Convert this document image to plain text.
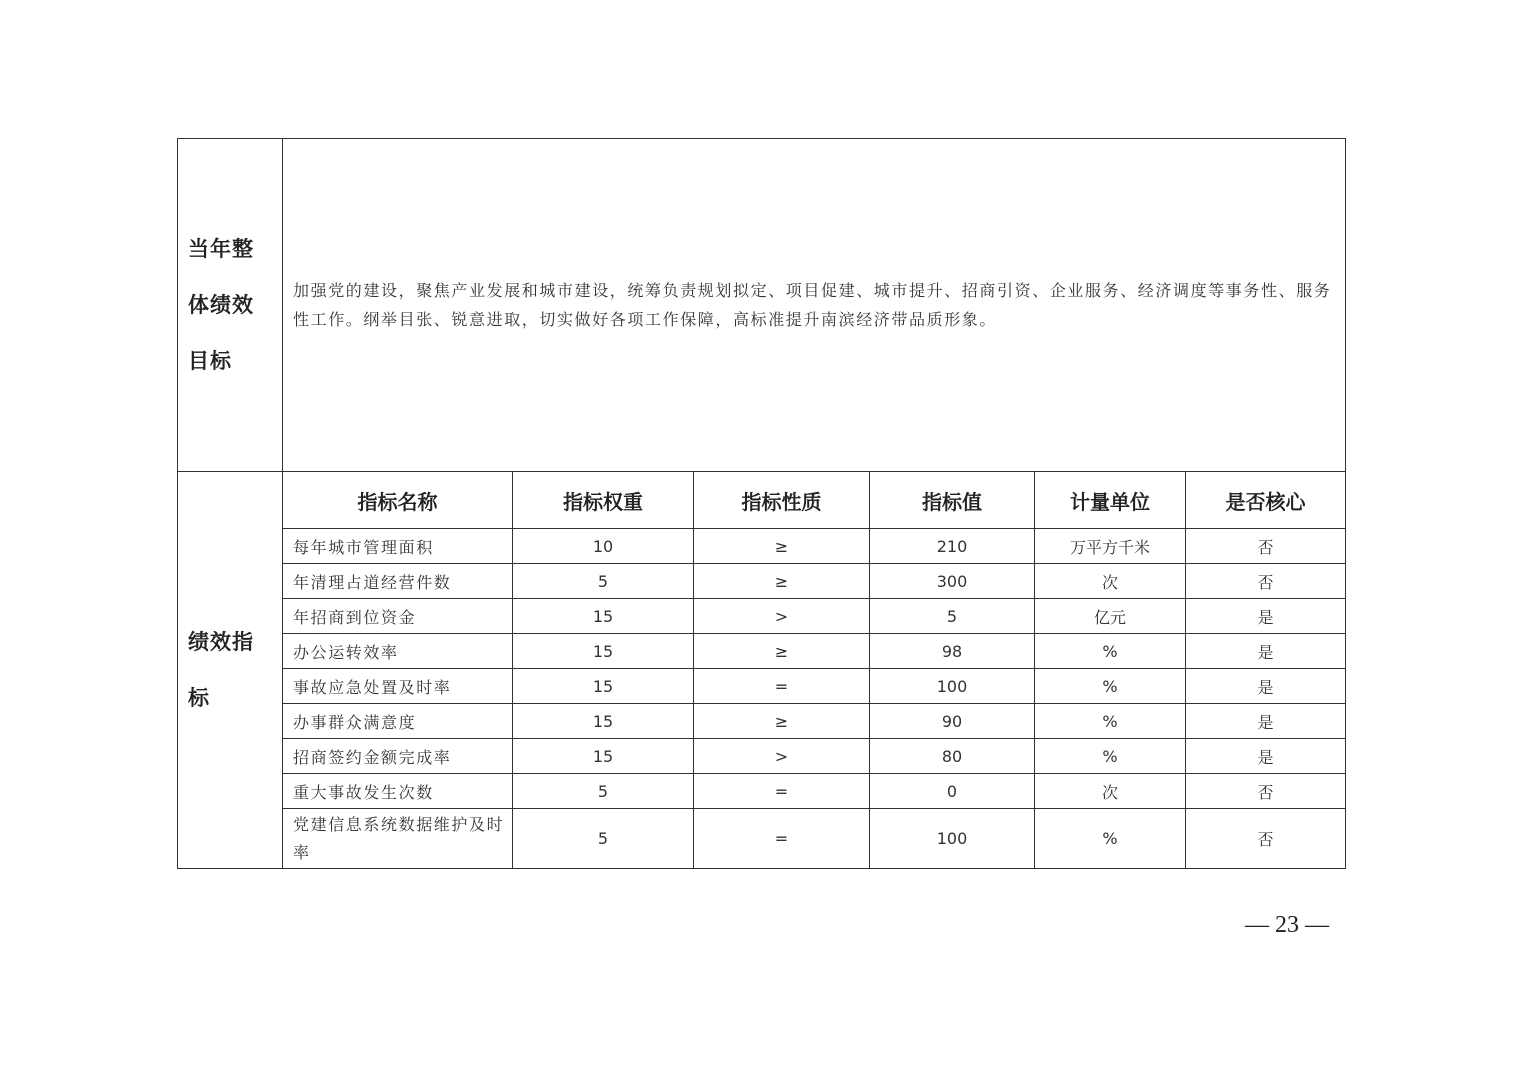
当年整
体绩效
目标	加强党的建设，聚焦产业发展和城市建设，统筹负责规划拟定、项目促建、城市提升、招商引资、企业服务、经济调度等事务性、服务性工作。纲举目张、锐意进取，切实做好各项工作保障，高标准提升南滨经济带品质形象。					

绩效指
标	指标名称	指标权重	指标性质	指标值	计量单位	是否核心
	每年城市管理面积	10	≥	210	万平方千米	否
	年清理占道经营件数	5	≥	300	次	否
	年招商到位资金	15	>	5	亿元	是
	办公运转效率	15	≥	98	%	是
	事故应急处置及时率	15	=	100	%	是
	办事群众满意度	15	≥	90	%	是
	招商签约金额完成率	15	>	80	%	是
	重大事故发生次数	5	=	0	次	否
	党建信息系统数据维护及时率	5	=	100	%	否
— 23 —
